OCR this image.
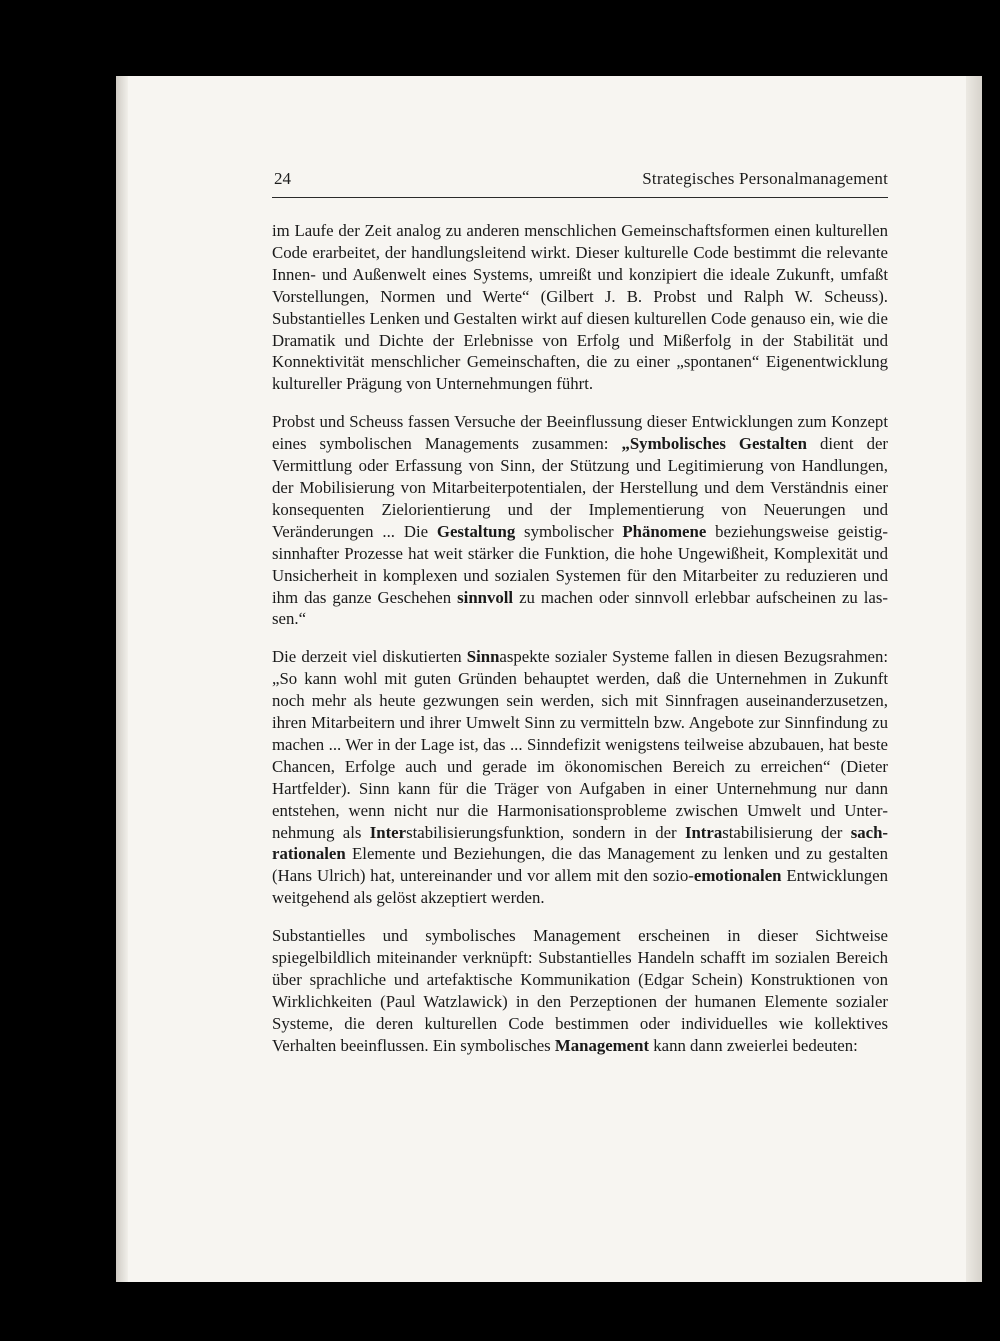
24	Strategisches Personalmanagement

im Laufe der Zeit analog zu anderen menschlichen Gemeinschaftsformen einen kulturellen Code erarbeitet, der handlungsleitend wirkt. Dieser kulturelle Code bestimmt die relevante Innen- und Außenwelt eines Systems, umreißt und konzipiert die ideale Zukunft, umfaßt Vorstellungen, Normen und Werte“ (Gilbert J. B. Probst und Ralph W. Scheuss). Substantielles Lenken und Gestalten wirkt auf diesen kulturellen Code genauso ein, wie die Dramatik und Dichte der Erlebnisse von Erfolg und Mißerfolg in der Stabilität und Konnektivität menschlicher Gemeinschaften, die zu einer „spontanen“ Eigenentwicklung kultureller Prägung von Unternehmungen führt.

Probst und Scheuss fassen Versuche der Beeinflussung dieser Entwicklungen zum Konzept eines symbolischen Managements zusammen: „Symbolisches Gestalten dient der Vermittlung oder Erfassung von Sinn, der Stützung und Legitimierung von Handlungen, der Mobilisierung von Mitarbeiterpotentialen, der Herstellung und dem Verständnis einer konsequenten Zielorientierung und der Implementierung von Neuerungen und Veränderungen ... Die Gestaltung symbolischer Phänomene beziehungsweise geistig-sinnhafter Prozesse hat weit stärker die Funktion, die hohe Ungewißheit, Komplexität und Unsicherheit in komplexen und sozialen Systemen für den Mitarbeiter zu reduzieren und ihm das ganze Geschehen sinnvoll zu machen oder sinnvoll erlebbar aufscheinen zu lassen.“

Die derzeit viel diskutierten Sinnaspekte sozialer Systeme fallen in diesen Bezugsrahmen: „So kann wohl mit guten Gründen behauptet werden, daß die Unternehmen in Zukunft noch mehr als heute gezwungen sein werden, sich mit Sinnfragen auseinanderzusetzen, ihren Mitarbeitern und ihrer Umwelt Sinn zu vermitteln bzw. Angebote zur Sinnfindung zu machen ... Wer in der Lage ist, das ... Sinndefizit wenigstens teilweise abzubauen, hat beste Chancen, Erfolge auch und gerade im ökonomischen Bereich zu erreichen“ (Dieter Hartfelder). Sinn kann für die Träger von Aufgaben in einer Unternehmung nur dann entstehen, wenn nicht nur die Harmonisationsprobleme zwischen Umwelt und Unternehmung als Interstabilisierungsfunktion, sondern in der Intrastabilisierung der sach-rationalen Elemente und Beziehungen, die das Management zu lenken und zu gestalten (Hans Ulrich) hat, untereinander und vor allem mit den sozio-emotionalen Entwicklungen weitgehend als gelöst akzeptiert werden.

Substantielles und symbolisches Management erscheinen in dieser Sichtweise spiegelbildlich miteinander verknüpft: Substantielles Handeln schafft im sozialen Bereich über sprachliche und artefaktische Kommunikation (Edgar Schein) Konstruktionen von Wirklichkeiten (Paul Watzlawick) in den Perzeptionen der humanen Elemente sozialer Systeme, die deren kulturellen Code bestimmen oder individuelles wie kollektives Verhalten beeinflussen. Ein symbolisches Management kann dann zweierlei bedeuten:
